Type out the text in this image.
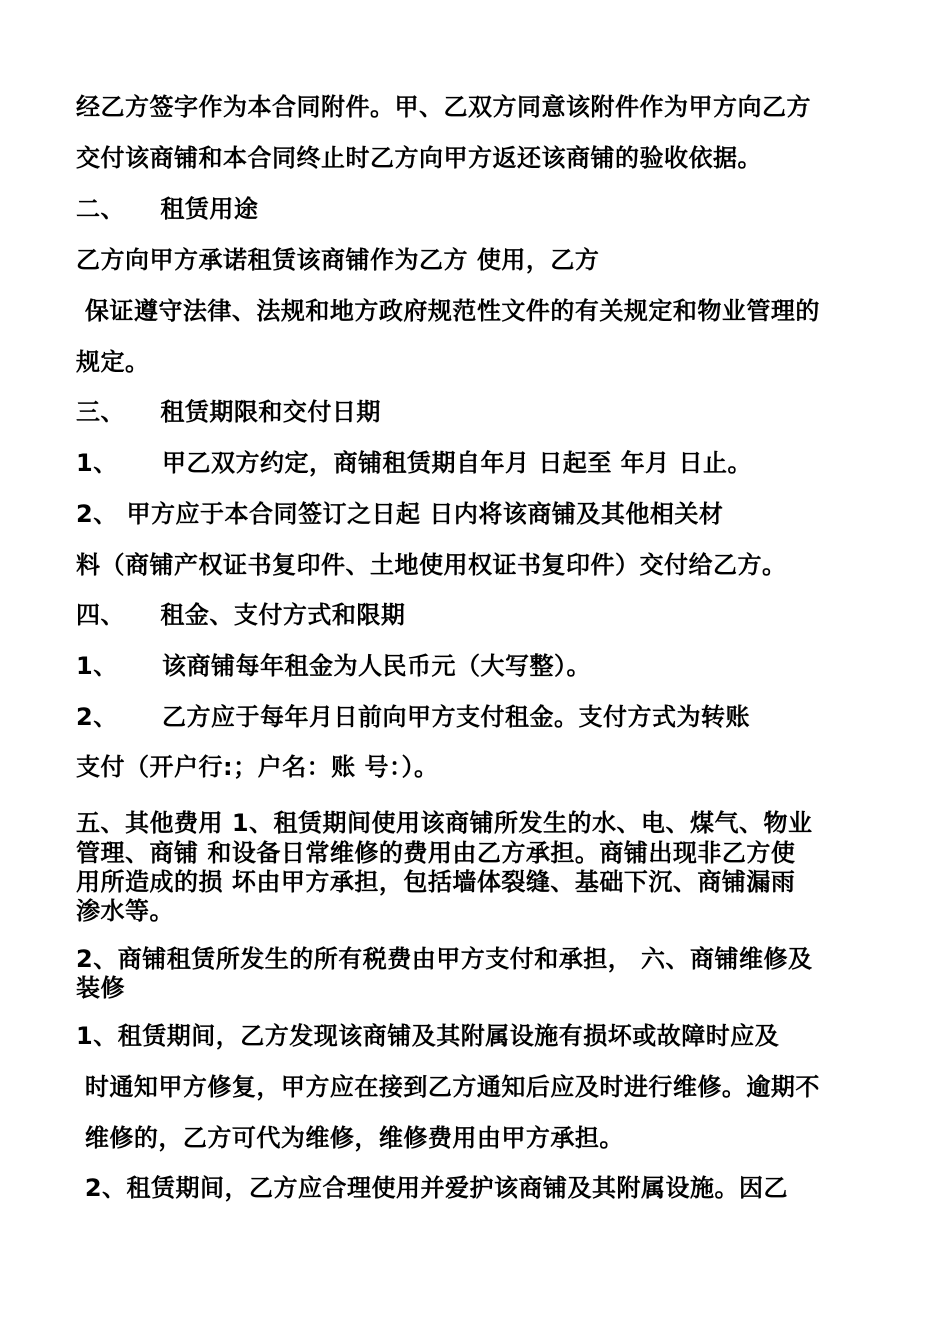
经乙方签字作为本合同附件。甲、乙双方同意该附件作为甲方向乙方
交付该商铺和本合同终止时乙方向甲方返还该商铺的验收依据。
二、    租赁用途
乙方向甲方承诺租赁该商铺作为乙方 使用，乙方
保证遵守法律、法规和地方政府规范性文件的有关规定和物业管理的
规定。
三、    租赁期限和交付日期
1、     甲乙双方约定，商铺租赁期自年月 日起至 年月 日止。
2、 甲方应于本合同签订之日起 日内将该商铺及其他相关材
料（商铺产权证书复印件、土地使用权证书复印件）交付给乙方。
四、    租金、支付方式和限期
1、     该商铺每年租金为人民币元（大写整）。
2、     乙方应于每年月日前向甲方支付租金。支付方式为转账
支付（开户行:；户名：账 号：）。
五、其他费用 1、租赁期间使用该商铺所发生的水、电、煤气、物业
管理、商铺 和设备日常维修的费用由乙方承担。商铺出现非乙方使
用所造成的损 坏由甲方承担，包括墙体裂缝、基础下沉、商铺漏雨
渗水等。
2、商铺租赁所发生的所有税费由甲方支付和承担， 六、商铺维修及
装修
1、租赁期间，乙方发现该商铺及其附属设施有损坏或故障时应及
时通知甲方修复，甲方应在接到乙方通知后应及时进行维修。逾期不
维修的，乙方可代为维修，维修费用由甲方承担。
2、租赁期间，乙方应合理使用并爱护该商铺及其附属设施。因乙
